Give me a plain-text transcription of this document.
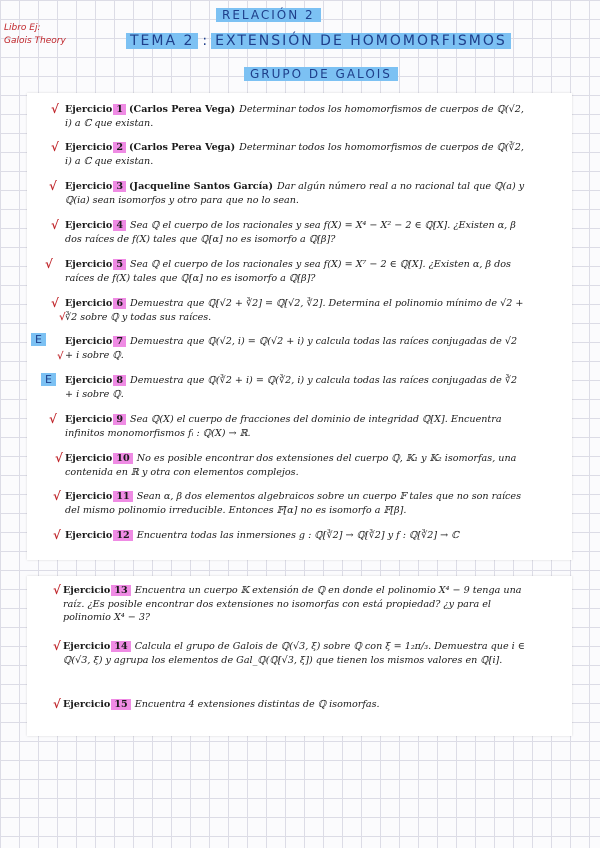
Libro Ej:
Galois Theory
RELACIÓN 2
TEMA 2 : EXTENSIÓN DE HOMOMORFISMOS
GRUPO DE GALOIS
√ Ejercicio 1 (Carlos Perea Vega) Determinar todos los homomorfismos de cuerpos de ℚ(√2, i) a ℂ que existan.
√ Ejercicio 2 (Carlos Perea Vega) Determinar todos los homomorfismos de cuerpos de ℚ(∛2, i) a ℂ que existan.
√ Ejercicio 3 (Jacqueline Santos García) Dar algún número real a no racional tal que ℚ(a) y ℚ(ia) sean isomorfos y otro para que no lo sean.
√ Ejercicio 4 Sea ℚ el cuerpo de los racionales y sea f(X) = X⁴ − X² − 2 ∈ ℚ[X]. ¿Existen α, β dos raíces de f(X) tales que ℚ[α] no es isomorfo a ℚ[β]?
√ Ejercicio 5 Sea ℚ el cuerpo de los racionales y sea f(X) = X⁷ − 2 ∈ ℚ[X]. ¿Existen α, β dos raíces de f(X) tales que ℚ[α] no es isomorfo a ℚ[β]?
√
√
Ejercicio 6 Demuestra que ℚ[√2 + ∛2] = ℚ[√2, ∛2]. Determina el polinomio mínimo de √2 + ∛2 sobre ℚ y todas sus raíces.
E
√
Ejercicio 7 Demuestra que ℚ(√2, i) = ℚ(√2 + i) y calcula todas las raíces conjugadas de √2 + i sobre ℚ.
E	Ejercicio 8 Demuestra que ℚ(∛2 + i) = ℚ(∛2, i) y calcula todas las raíces conjugadas de ∛2 + i sobre ℚ.
√ Ejercicio 9 Sea ℚ(X) el cuerpo de fracciones del dominio de integridad ℚ[X]. Encuentra infinitos monomorfismos fᵢ : ℚ(X) → ℝ.
√ Ejercicio 10 No es posible encontrar dos extensiones del cuerpo ℚ, 𝕂₁ y 𝕂₂ isomorfas, una contenida en ℝ y otra con elementos complejos.
√ Ejercicio 11 Sean α, β dos elementos algebraicos sobre un cuerpo 𝔽 tales que no son raíces del mismo polinomio irreducible. Entonces 𝔽[α] no es isomorfo a 𝔽[β].
√ Ejercicio 12 Encuentra todas las inmersiones g : ℚ[∛2] → ℚ[∛2] y f : ℚ[∛2] → ℂ
√ Ejercicio 13 Encuentra un cuerpo 𝕂 extensión de ℚ en donde el polinomio X⁴ − 9 tenga una raíz. ¿Es posible encontrar dos extensiones no isomorfas con está propiedad? ¿y para el polinomio X⁴ − 3?
√ Ejercicio 14 Calcula el grupo de Galois de ℚ(√3, ξ) sobre ℚ con ξ = 1₂π/₃. Demuestra que i ∈ ℚ(√3, ξ) y agrupa los elementos de Gal_ℚ(ℚ[√3, ξ]) que tienen los mismos valores en ℚ[i].
√ Ejercicio 15 Encuentra 4 extensiones distintas de ℚ isomorfas.
